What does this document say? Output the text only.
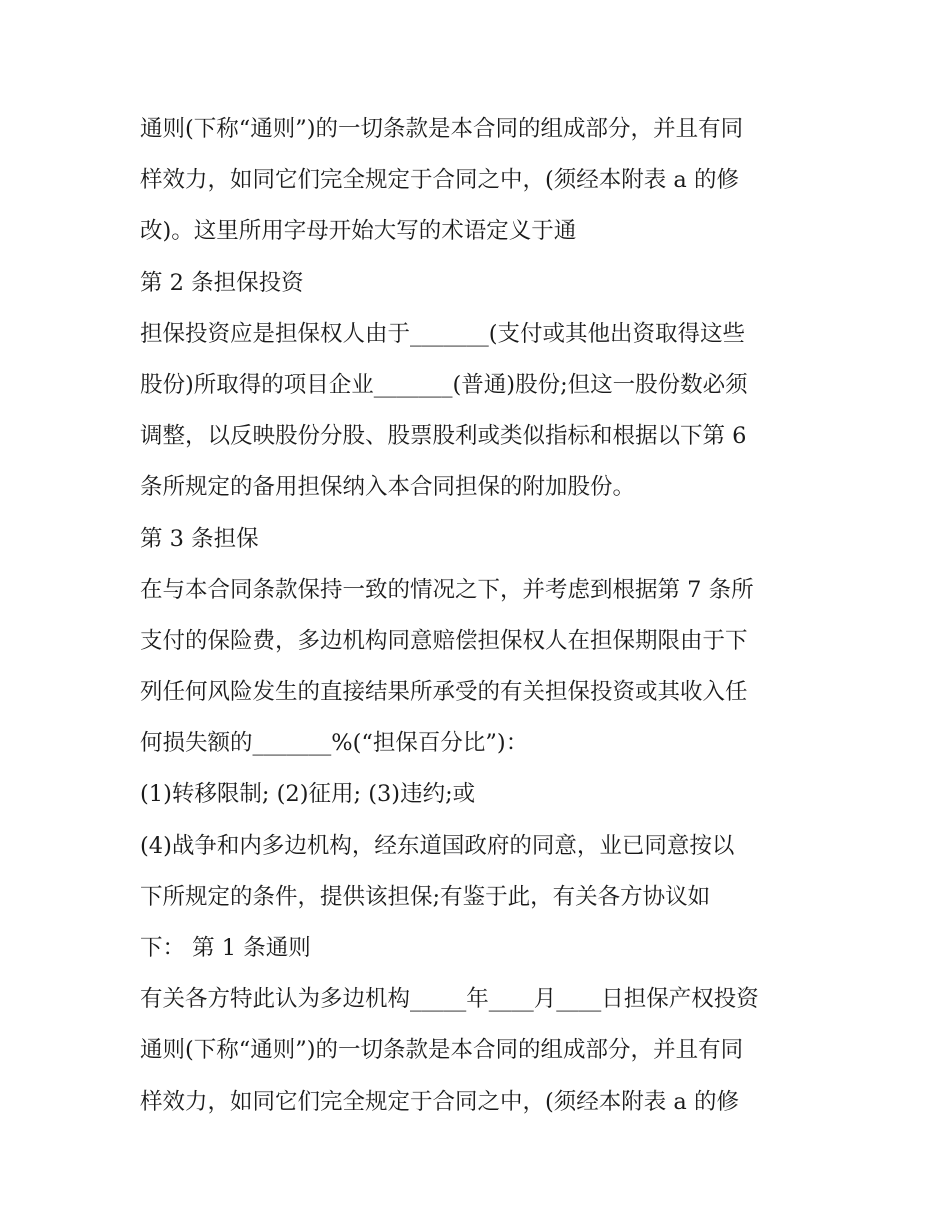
通则(下称“通则”)的一切条款是本合同的组成部分，并且有同
样效力，如同它们完全规定于合同之中，(须经本附表 a 的修
改)。这里所用字母开始大写的术语定义于通
第 2 条担保投资
担保投资应是担保权人由于_______(支付或其他出资取得这些
股份)所取得的项目企业_______(普通)股份;但这一股份数必须
调整，以反映股份分股、股票股利或类似指标和根据以下第 6
条所规定的备用担保纳入本合同担保的附加股份。
第 3 条担保
在与本合同条款保持一致的情况之下，并考虑到根据第 7 条所
支付的保险费，多边机构同意赔偿担保权人在担保期限由于下
列任何风险发生的直接结果所承受的有关担保投资或其收入任
何损失额的_______%(“担保百分比”)：
(1)转移限制; (2)征用; (3)违约;或
(4)战争和内多边机构，经东道国政府的同意，业已同意按以
下所规定的条件，提供该担保;有鉴于此，有关各方协议如
下： 第 1 条通则
有关各方特此认为多边机构_____年____月____日担保产权投资
通则(下称“通则”)的一切条款是本合同的组成部分，并且有同
样效力，如同它们完全规定于合同之中，(须经本附表 a 的修
